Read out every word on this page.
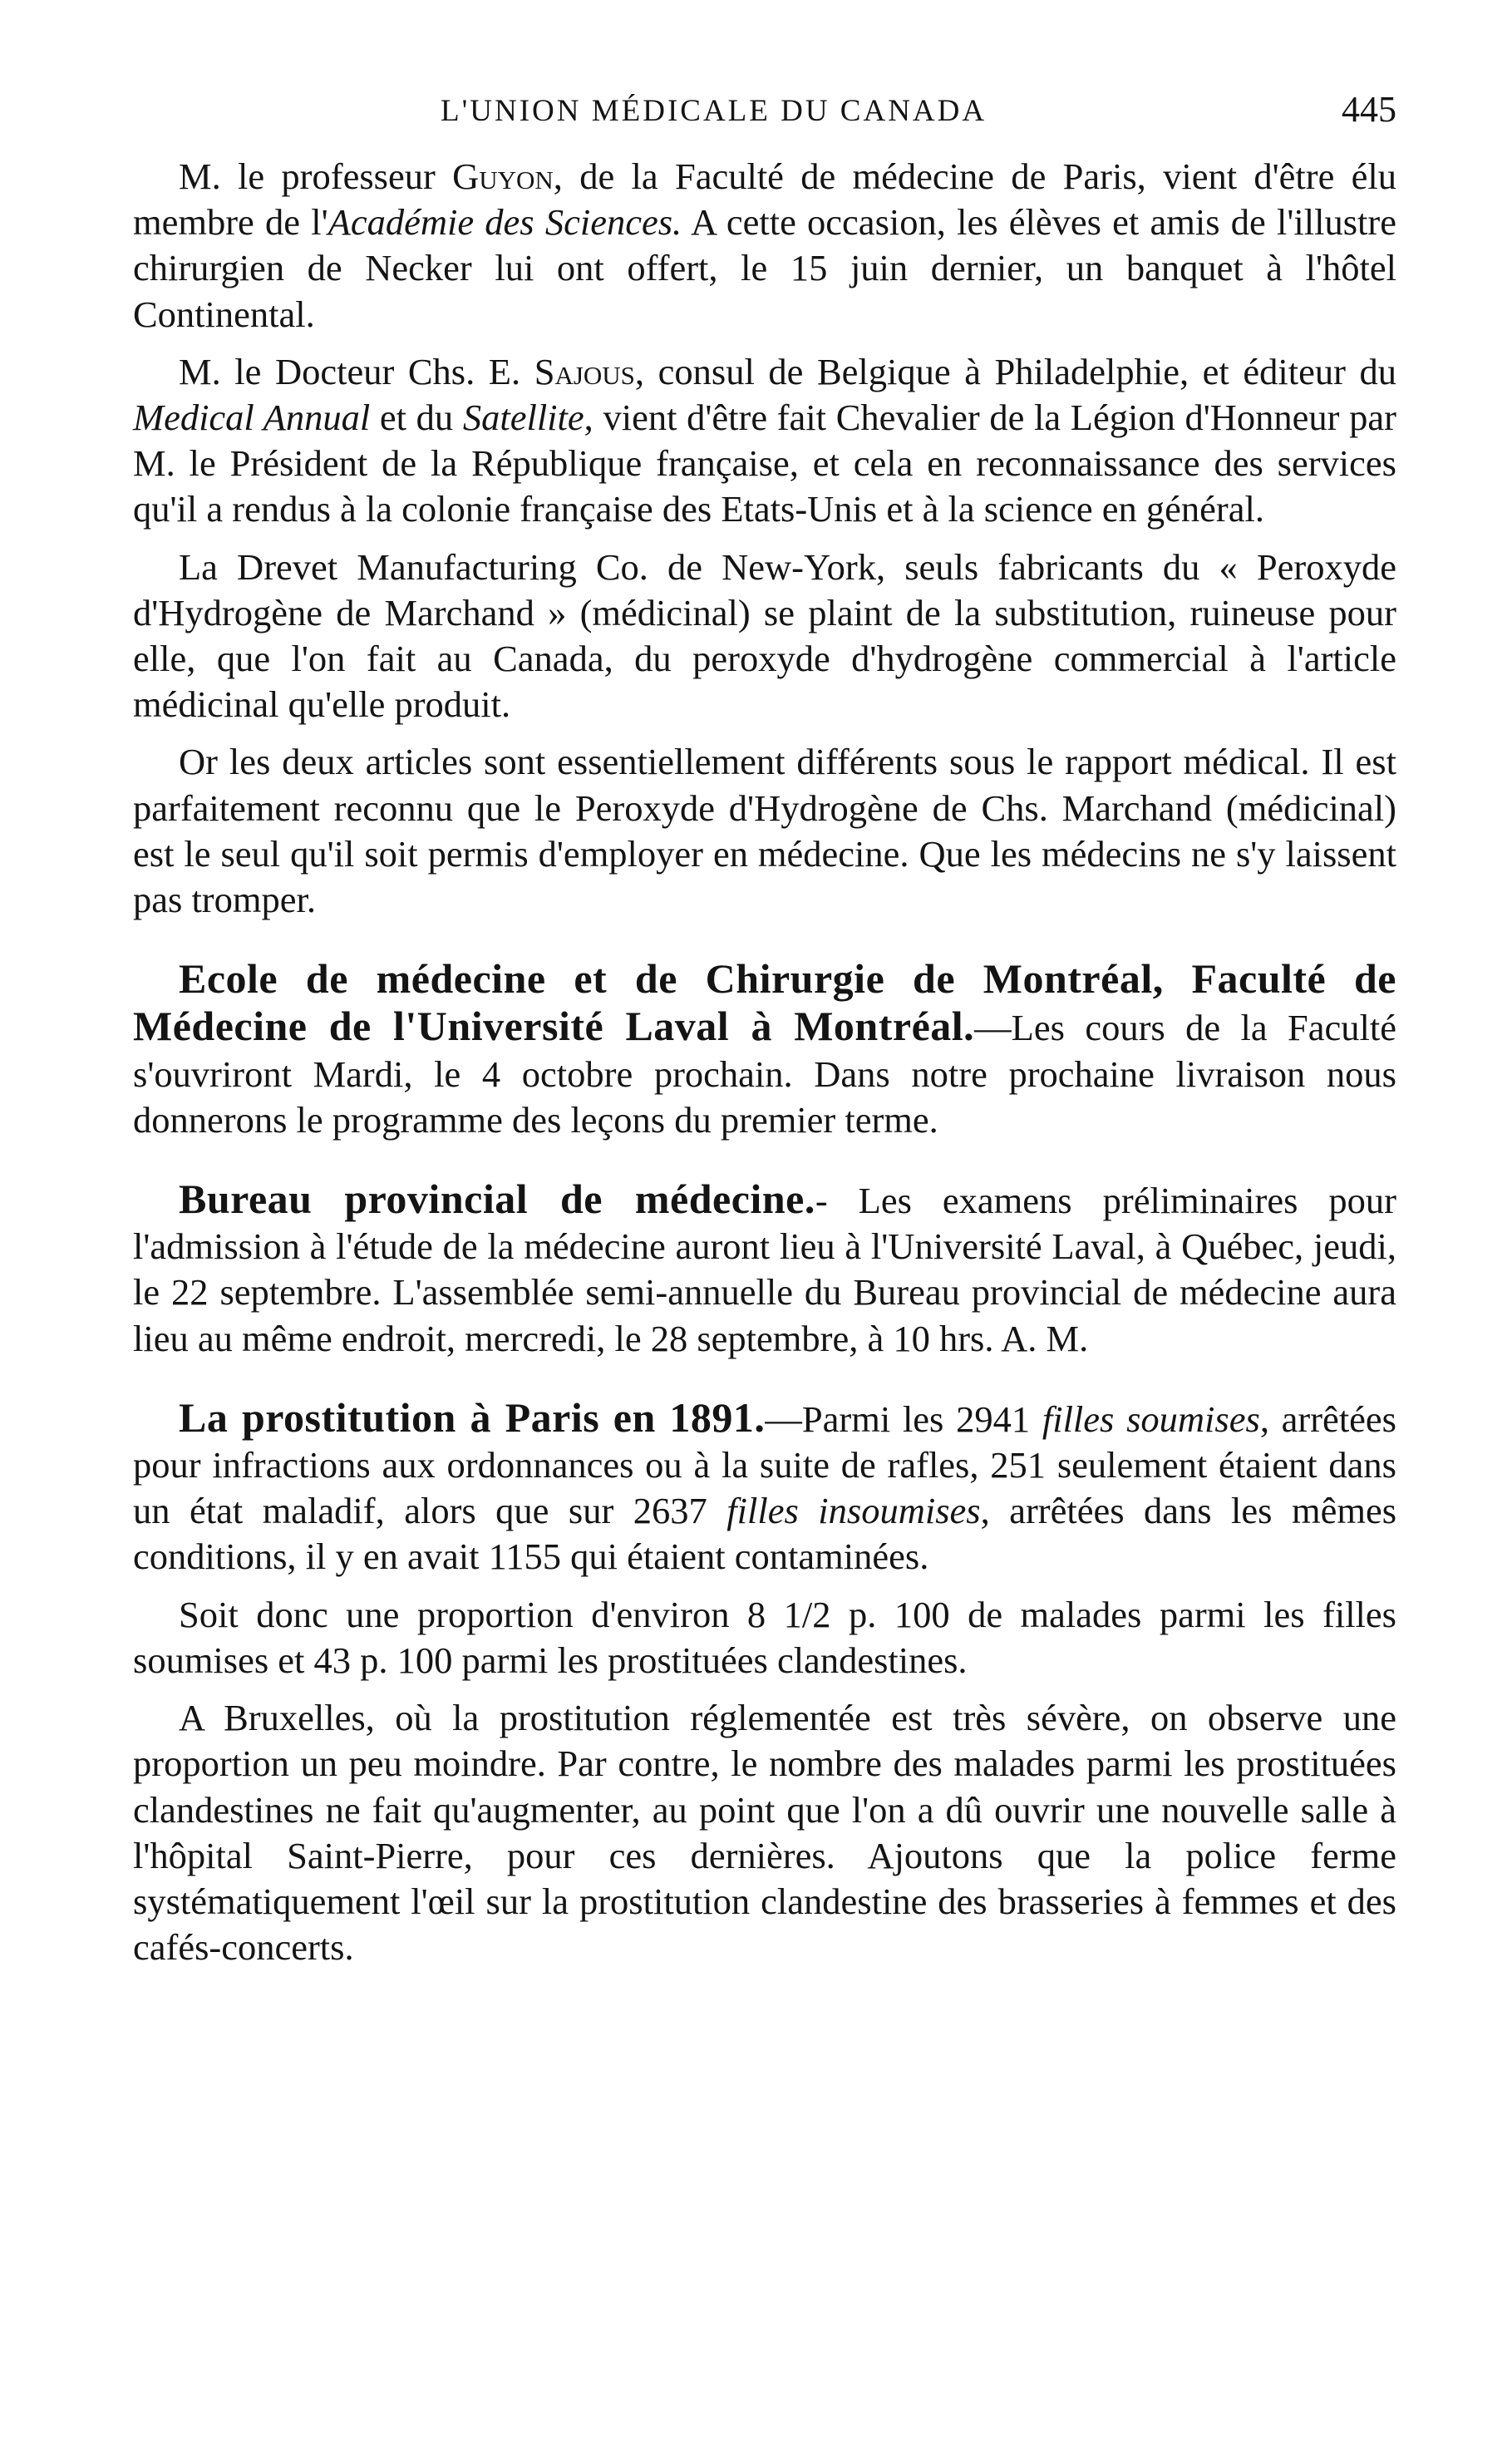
L'UNION MÉDICALE DU CANADA	445

M. le professeur Guyon, de la Faculté de médecine de Paris, vient d'être élu membre de l'Académie des Sciences. A cette occasion, les élèves et amis de l'illustre chirurgien de Necker lui ont offert, le 15 juin dernier, un banquet à l'hôtel Continental.

M. le Docteur Chs. E. Sajous, consul de Belgique à Philadelphie, et éditeur du Medical Annual et du Satellite, vient d'être fait Chevalier de la Légion d'Honneur par M. le Président de la République française, et cela en reconnaissance des services qu'il a rendus à la colonie française des Etats-Unis et à la science en général.

La Drevet Manufacturing Co. de New-York, seuls fabricants du « Peroxyde d'Hydrogène de Marchand » (médicinal) se plaint de la substitution, ruineuse pour elle, que l'on fait au Canada, du peroxyde d'hydrogène commercial à l'article médicinal qu'elle produit.

Or les deux articles sont essentiellement différents sous le rapport médical. Il est parfaitement reconnu que le Peroxyde d'Hydrogène de Chs. Marchand (médicinal) est le seul qu'il soit permis d'employer en médecine. Que les médecins ne s'y laissent pas tromper.

Ecole de médecine et de Chirurgie de Montréal, Faculté de Médecine de l'Université Laval à Montréal.—Les cours de la Faculté s'ouvriront Mardi, le 4 octobre prochain. Dans notre prochaine livraison nous donnerons le programme des leçons du premier terme.

Bureau provincial de médecine.- Les examens préliminaires pour l'admission à l'étude de la médecine auront lieu à l'Université Laval, à Québec, jeudi, le 22 septembre. L'assemblée semi-annuelle du Bureau provincial de médecine aura lieu au même endroit, mercredi, le 28 septembre, à 10 hrs. A. M.

La prostitution à Paris en 1891.—Parmi les 2941 filles soumises, arrêtées pour infractions aux ordonnances ou à la suite de rafles, 251 seulement étaient dans un état maladif, alors que sur 2637 filles insoumises, arrêtées dans les mêmes conditions, il y en avait 1155 qui étaient contaminées.

Soit donc une proportion d'environ 8 1/2 p. 100 de malades parmi les filles soumises et 43 p. 100 parmi les prostituées clandestines.

A Bruxelles, où la prostitution réglementée est très sévère, on observe une proportion un peu moindre. Par contre, le nombre des malades parmi les prostituées clandestines ne fait qu'augmenter, au point que l'on a dû ouvrir une nouvelle salle à l'hôpital Saint-Pierre, pour ces dernières. Ajoutons que la police ferme systématiquement l'œil sur la prostitution clandestine des brasseries à femmes et des cafés-concerts.
